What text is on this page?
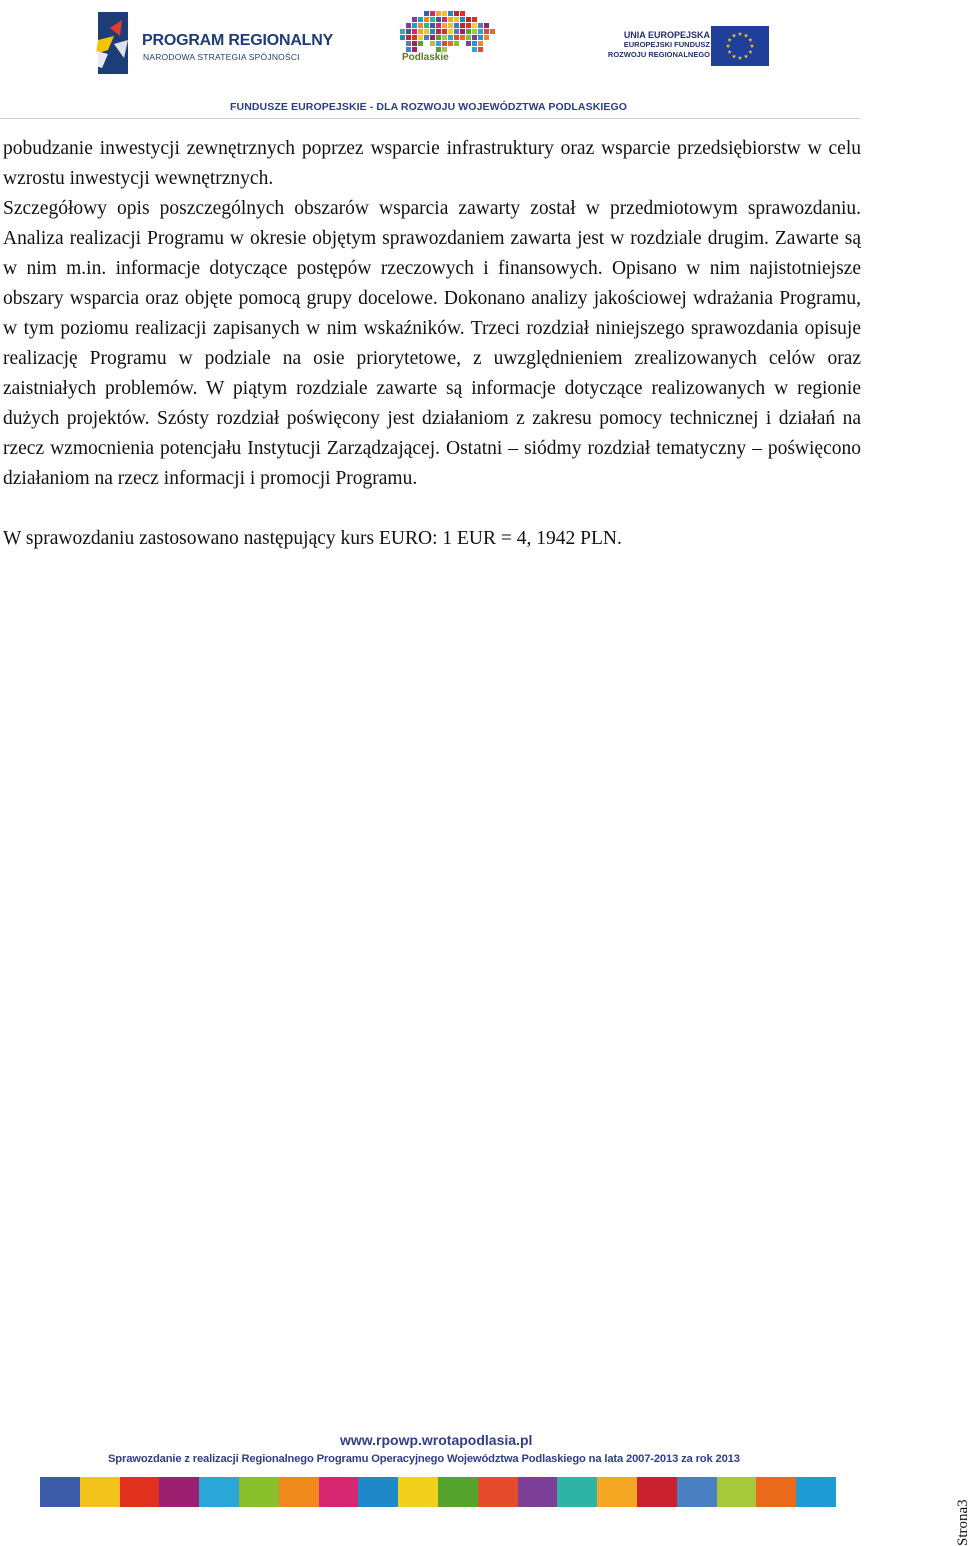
PROGRAM REGIONALNY
NARODOWA STRATEGIA SPÓJNOŚCI	Podlaskie
UNIA EUROPEJSKA
EUROPEJSKI FUNDUSZ
ROZWOJU REGIONALNEGO
FUNDUSZE EUROPEJSKIE - DLA ROZWOJU WOJEWÓDZTWA PODLASKIEGO

pobudzanie inwestycji zewnętrznych poprzez wsparcie infrastruktury oraz wsparcie przedsiębiorstw w celu wzrostu inwestycji wewnętrznych.

Szczegółowy opis poszczególnych obszarów wsparcia zawarty został w przedmiotowym sprawozdaniu. Analiza realizacji Programu w okresie objętym sprawozdaniem zawarta jest w rozdziale drugim. Zawarte są w nim m.in. informacje dotyczące postępów rzeczowych i finansowych. Opisano w nim najistotniejsze obszary wsparcia oraz objęte pomocą grupy docelowe. Dokonano analizy jakościowej wdrażania Programu, w tym poziomu realizacji zapisanych w nim wskaźników. Trzeci rozdział niniejszego sprawozdania opisuje realizację Programu w podziale na osie priorytetowe, z uwzględnieniem zrealizowanych celów oraz zaistniałych problemów. W piątym rozdziale zawarte są informacje dotyczące realizowanych w regionie dużych projektów. Szósty rozdział poświęcony jest działaniom z zakresu pomocy technicznej i działań na rzecz wzmocnienia potencjału Instytucji Zarządzającej. Ostatni – siódmy rozdział tematyczny – poświęcono działaniom na rzecz informacji i promocji Programu.

W sprawozdaniu zastosowano następujący kurs EURO: 1 EUR = 4, 1942 PLN.

www.rpowp.wrotapodlasia.pl
Sprawozdanie z realizacji Regionalnego Programu Operacyjnego Województwa Podlaskiego na lata 2007-2013 za rok 2013
Strona3
